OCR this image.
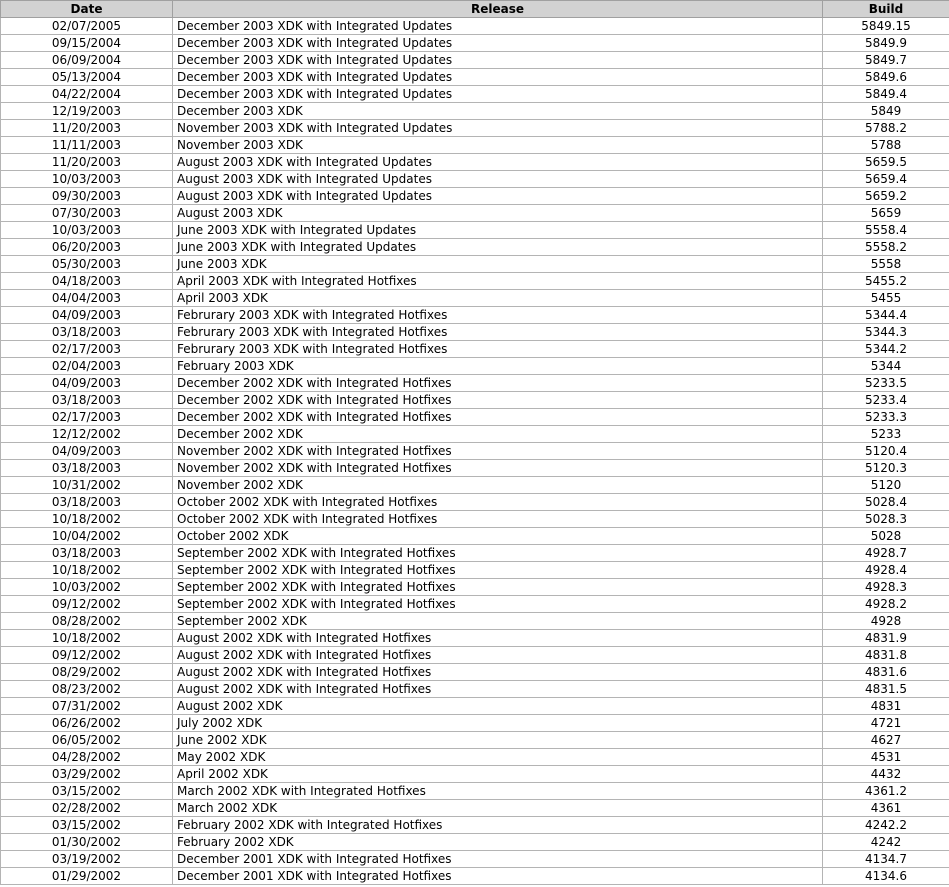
Date	Release	Build
02/07/2005	December 2003 XDK with Integrated Updates	5849.15
09/15/2004	December 2003 XDK with Integrated Updates	5849.9
06/09/2004	December 2003 XDK with Integrated Updates	5849.7
05/13/2004	December 2003 XDK with Integrated Updates	5849.6
04/22/2004	December 2003 XDK with Integrated Updates	5849.4
12/19/2003	December 2003 XDK	5849
11/20/2003	November 2003 XDK with Integrated Updates	5788.2
11/11/2003	November 2003 XDK	5788
11/20/2003	August 2003 XDK with Integrated Updates	5659.5
10/03/2003	August 2003 XDK with Integrated Updates	5659.4
09/30/2003	August 2003 XDK with Integrated Updates	5659.2
07/30/2003	August 2003 XDK	5659
10/03/2003	June 2003 XDK with Integrated Updates	5558.4
06/20/2003	June 2003 XDK with Integrated Updates	5558.2
05/30/2003	June 2003 XDK	5558
04/18/2003	April 2003 XDK with Integrated Hotfixes	5455.2
04/04/2003	April 2003 XDK	5455
04/09/2003	Februrary 2003 XDK with Integrated Hotfixes	5344.4
03/18/2003	Februrary 2003 XDK with Integrated Hotfixes	5344.3
02/17/2003	Februrary 2003 XDK with Integrated Hotfixes	5344.2
02/04/2003	February 2003 XDK	5344
04/09/2003	December 2002 XDK with Integrated Hotfixes	5233.5
03/18/2003	December 2002 XDK with Integrated Hotfixes	5233.4
02/17/2003	December 2002 XDK with Integrated Hotfixes	5233.3
12/12/2002	December 2002 XDK	5233
04/09/2003	November 2002 XDK with Integrated Hotfixes	5120.4
03/18/2003	November 2002 XDK with Integrated Hotfixes	5120.3
10/31/2002	November 2002 XDK	5120
03/18/2003	October 2002 XDK with Integrated Hotfixes	5028.4
10/18/2002	October 2002 XDK with Integrated Hotfixes	5028.3
10/04/2002	October 2002 XDK	5028
03/18/2003	September 2002 XDK with Integrated Hotfixes	4928.7
10/18/2002	September 2002 XDK with Integrated Hotfixes	4928.4
10/03/2002	September 2002 XDK with Integrated Hotfixes	4928.3
09/12/2002	September 2002 XDK with Integrated Hotfixes	4928.2
08/28/2002	September 2002 XDK	4928
10/18/2002	August 2002 XDK with Integrated Hotfixes	4831.9
09/12/2002	August 2002 XDK with Integrated Hotfixes	4831.8
08/29/2002	August 2002 XDK with Integrated Hotfixes	4831.6
08/23/2002	August 2002 XDK with Integrated Hotfixes	4831.5
07/31/2002	August 2002 XDK	4831
06/26/2002	July 2002 XDK	4721
06/05/2002	June 2002 XDK	4627
04/28/2002	May 2002 XDK	4531
03/29/2002	April 2002 XDK	4432
03/15/2002	March 2002 XDK with Integrated Hotfixes	4361.2
02/28/2002	March 2002 XDK	4361
03/15/2002	February 2002 XDK with Integrated Hotfixes	4242.2
01/30/2002	February 2002 XDK	4242
03/19/2002	December 2001 XDK with Integrated Hotfixes	4134.7
01/29/2002	December 2001 XDK with Integrated Hotfixes	4134.6
